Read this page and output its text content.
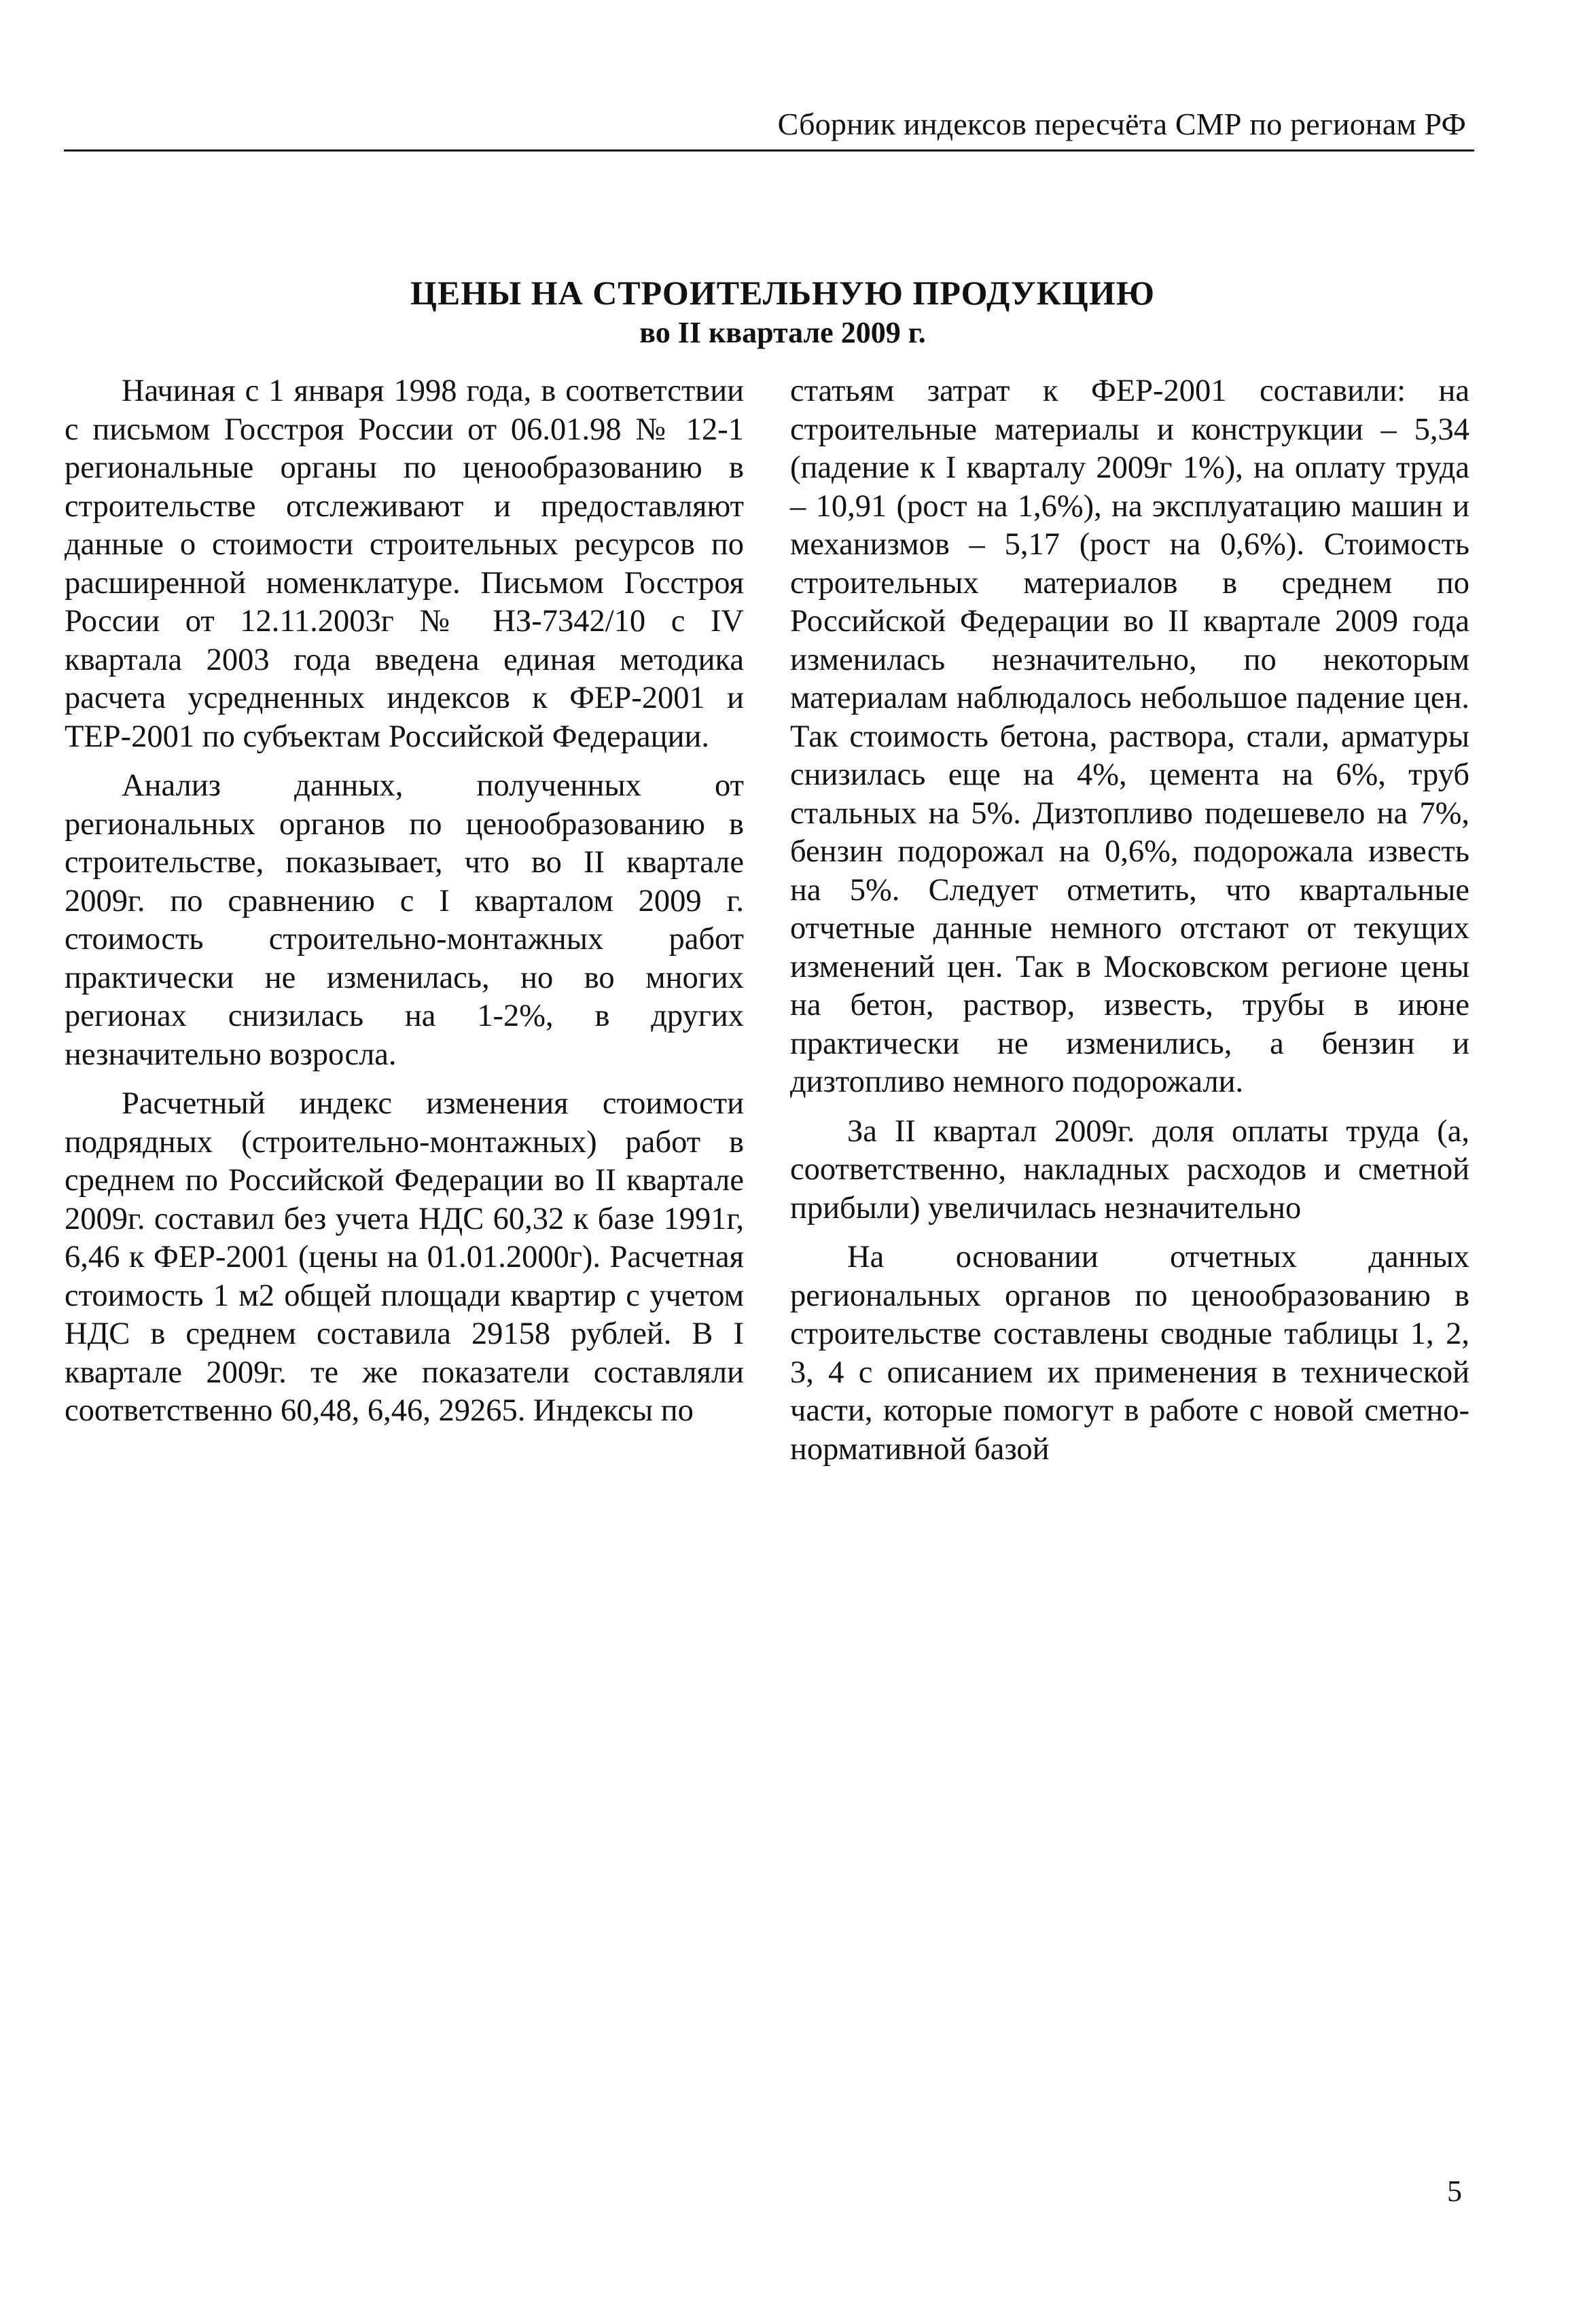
Сборник индексов пересчёта СМР по регионам РФ
ЦЕНЫ НА СТРОИТЕЛЬНУЮ ПРОДУКЦИЮ
во II квартале 2009 г.

Начиная с 1 января 1998 года, в соответствии с письмом Госстроя России от 06.01.98 № 12-1 региональные органы по ценообразованию в строительстве отслеживают и предоставляют данные о стоимости строительных ресурсов по расширенной номенклатуре. Письмом Госстроя России от 12.11.2003г № НЗ-7342/10 с IV квартала 2003 года введена единая методика расчета усредненных индексов к ФЕР-2001 и ТЕР-2001 по субъектам Российской Федерации.

Анализ данных, полученных от региональных органов по ценообразованию в строительстве, показывает, что во II квартале 2009г. по сравнению с I кварталом 2009 г. стоимость строительно-монтажных работ практически не изменилась, но во многих регионах снизилась на 1-2%, в других незначительно возросла.

Расчетный индекс изменения стоимости подрядных (строительно-монтажных) работ в среднем по Российской Федерации во II квартале 2009г. составил без учета НДС 60,32 к базе 1991г, 6,46 к ФЕР-2001 (цены на 01.01.2000г). Расчетная стоимость 1 м2 общей площади квартир с учетом НДС в среднем составила 29158 рублей. В I квартале 2009г. те же показатели составляли соответственно 60,48, 6,46, 29265. Индексы по

статьям затрат к ФЕР-2001 составили: на строительные материалы и конструкции – 5,34 (падение к I кварталу 2009г 1%), на оплату труда – 10,91 (рост на 1,6%), на эксплуатацию машин и механизмов – 5,17 (рост на 0,6%). Стоимость строительных материалов в среднем по Российской Федерации во II квартале 2009 года изменилась незначительно, по некоторым материалам наблюдалось небольшое падение цен. Так стоимость бетона, раствора, стали, арматуры снизилась еще на 4%, цемента на 6%, труб стальных на 5%. Дизтопливо подешевело на 7%, бензин подорожал на 0,6%, подорожала известь на 5%. Следует отметить, что квартальные отчетные данные немного отстают от текущих изменений цен. Так в Московском регионе цены на бетон, раствор, известь, трубы в июне практически не изменились, а бензин и дизтопливо немного подорожали.

За II квартал 2009г. доля оплаты труда (а, соответственно, накладных расходов и сметной прибыли) увеличилась незначительно

На основании отчетных данных региональных органов по ценообразованию в строительстве составлены сводные таблицы 1, 2, 3, 4 с описанием их применения в технической части, которые помогут в работе с новой сметно-нормативной базой

5
